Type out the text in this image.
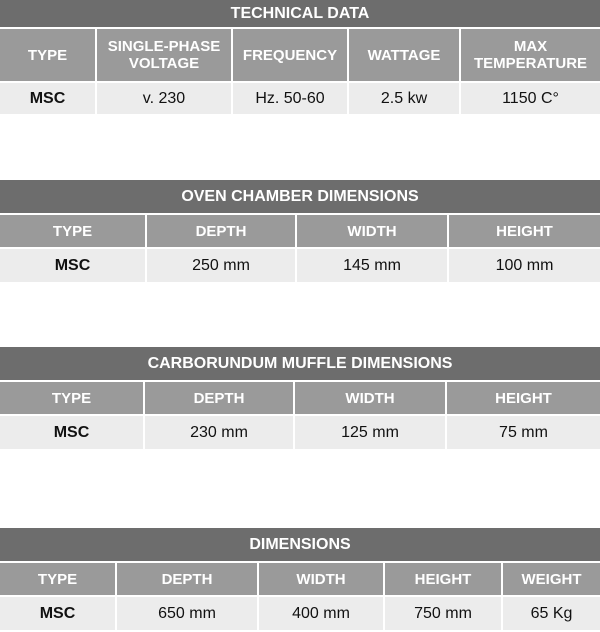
TECHNICAL DATA
TYPE	SINGLE-PHASE VOLTAGE	FREQUENCY	WATTAGE	MAX TEMPERATURE
MSC	v. 230	Hz. 50-60	2.5 kw	1150 C°
OVEN CHAMBER DIMENSIONS
TYPE	DEPTH	WIDTH	HEIGHT
MSC	250 mm	145 mm	100 mm
CARBORUNDUM MUFFLE DIMENSIONS
TYPE	DEPTH	WIDTH	HEIGHT
MSC	230 mm	125 mm	75 mm
DIMENSIONS
TYPE	DEPTH	WIDTH	HEIGHT	WEIGHT
MSC	650 mm	400 mm	750 mm	65 Kg
